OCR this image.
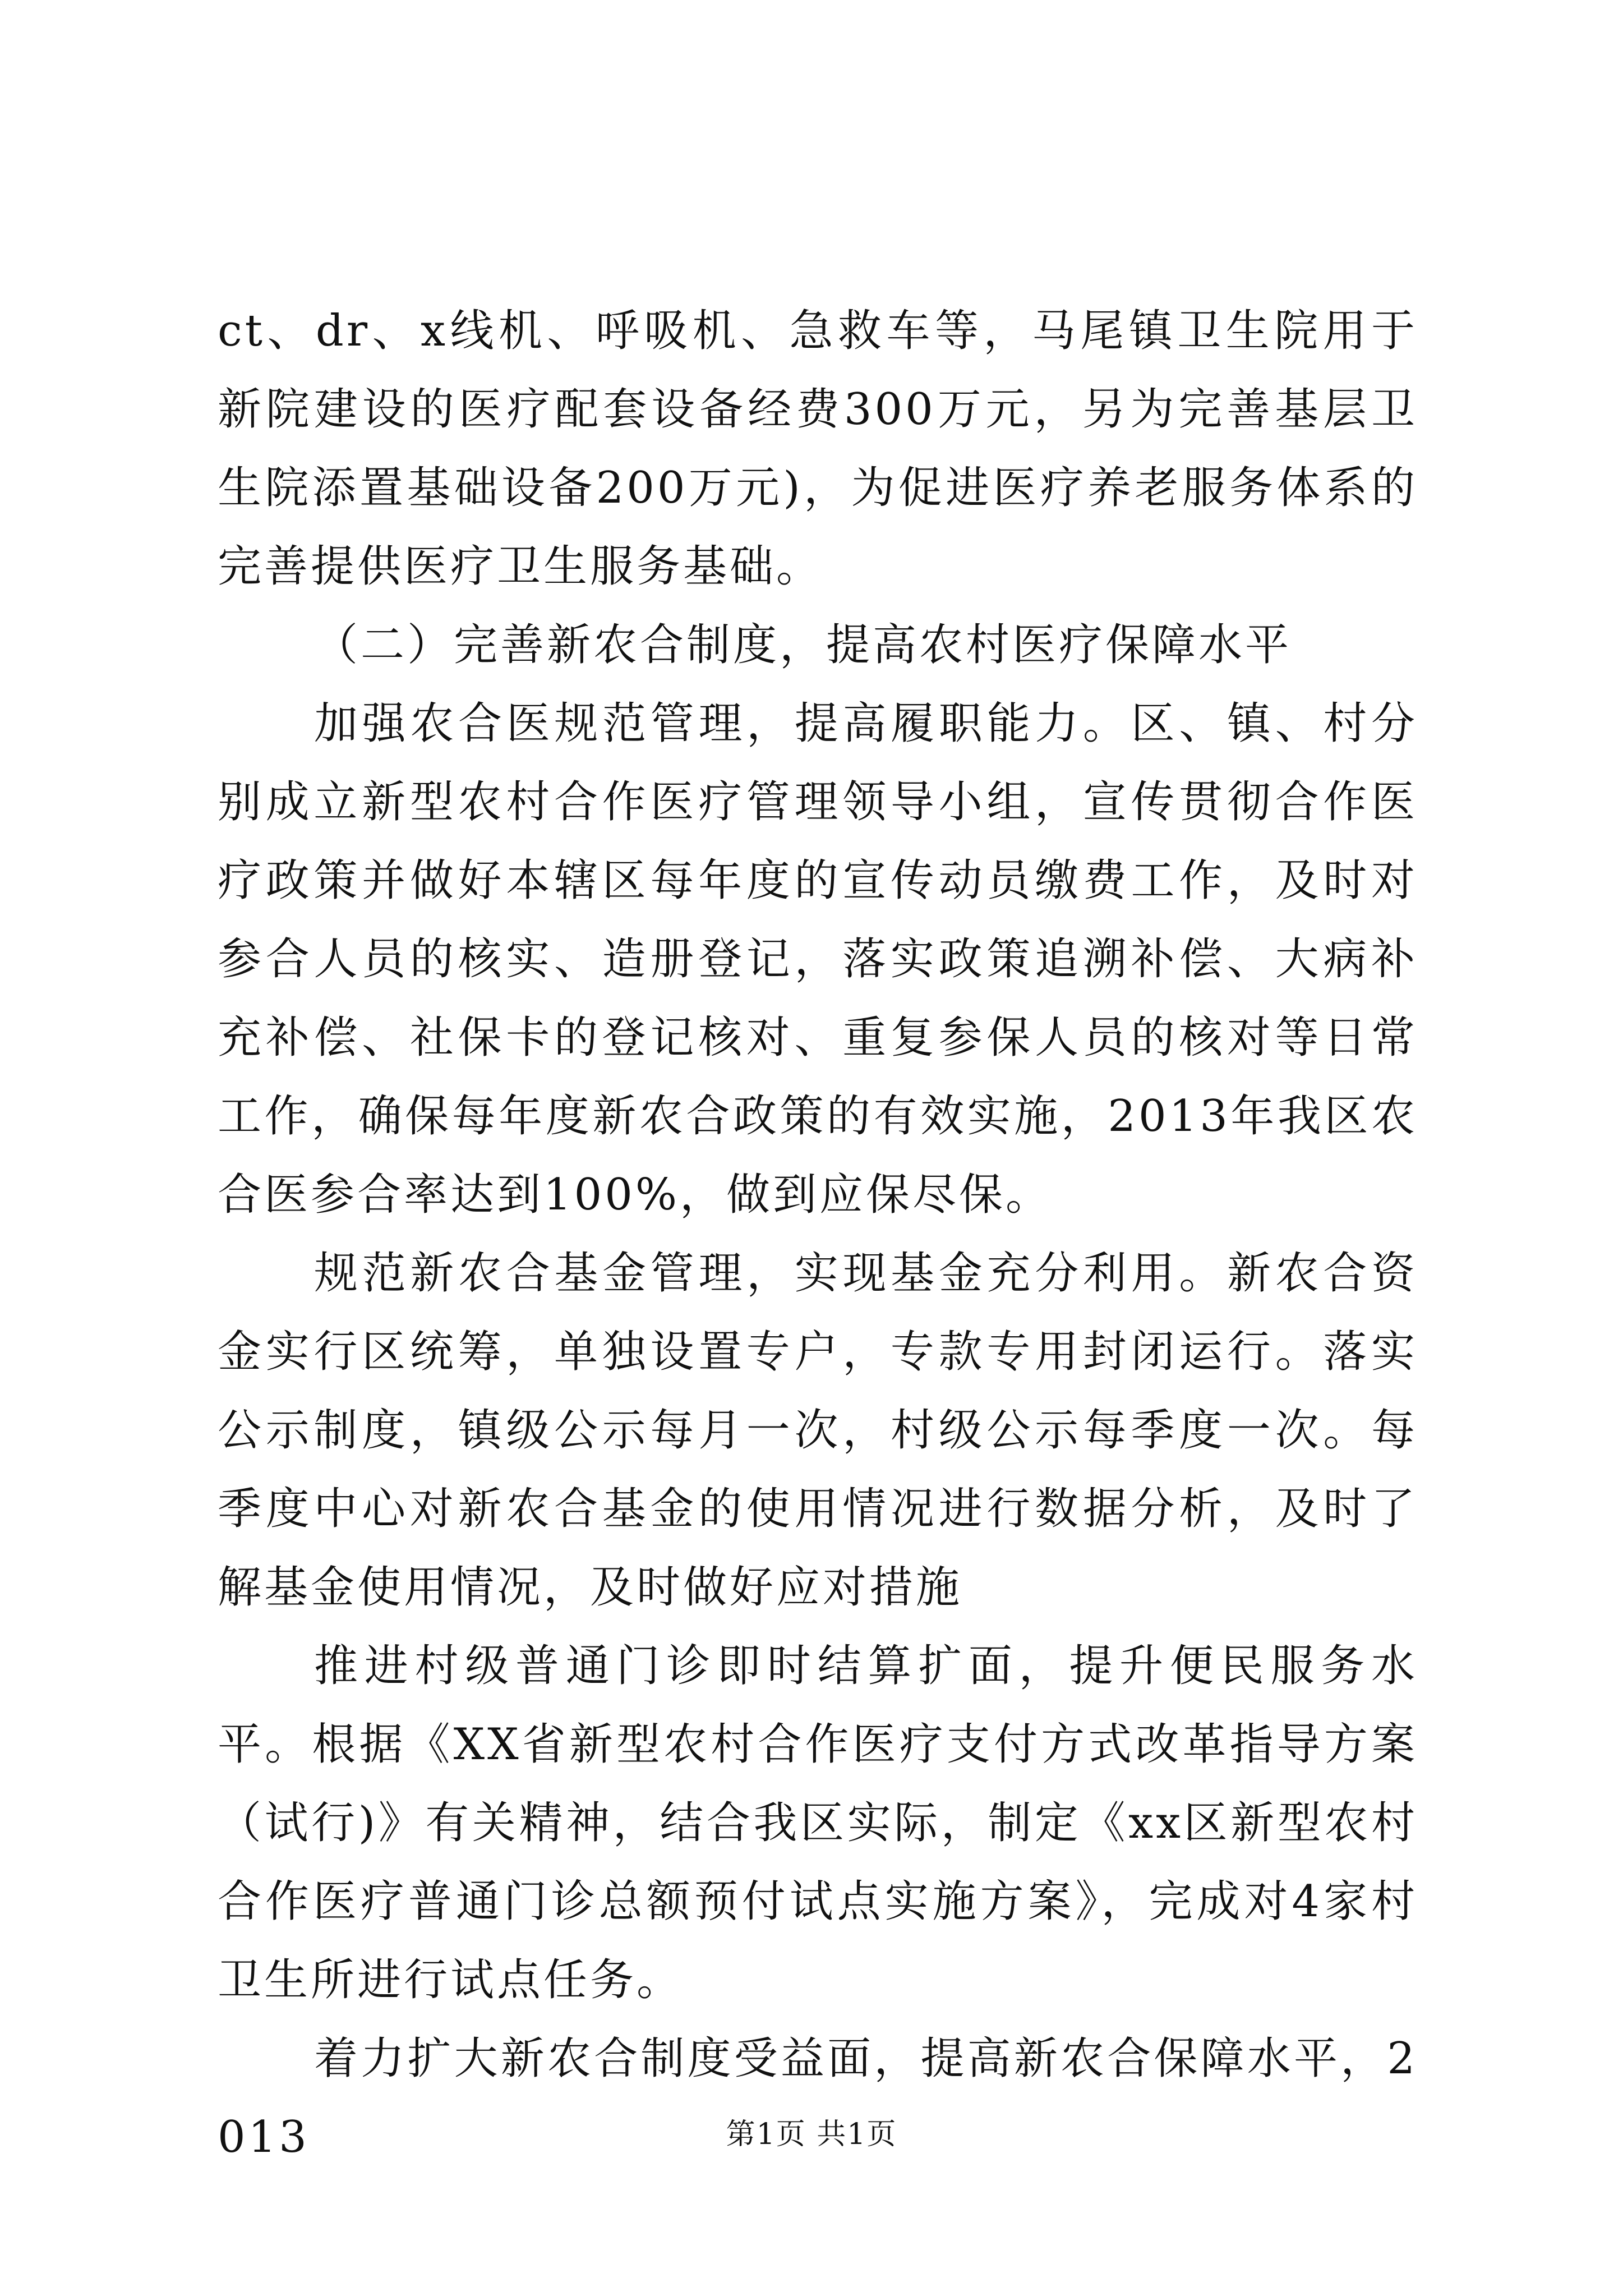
ct、dr、x线机、呼吸机、急救车等，马尾镇卫生院用于新院建设的医疗配套设备经费300万元，另为完善基层卫生院添置基础设备200万元)，为促进医疗养老服务体系的完善提供医疗卫生服务基础。

（二）完善新农合制度，提高农村医疗保障水平

加强农合医规范管理，提高履职能力。区、镇、村分别成立新型农村合作医疗管理领导小组，宣传贯彻合作医疗政策并做好本辖区每年度的宣传动员缴费工作，及时对参合人员的核实、造册登记，落实政策追溯补偿、大病补充补偿、社保卡的登记核对、重复参保人员的核对等日常工作，确保每年度新农合政策的有效实施，2013年我区农合医参合率达到100%，做到应保尽保。

规范新农合基金管理，实现基金充分利用。新农合资金实行区统筹，单独设置专户，专款专用封闭运行。落实公示制度，镇级公示每月一次，村级公示每季度一次。每季度中心对新农合基金的使用情况进行数据分析，及时了解基金使用情况，及时做好应对措施

推进村级普通门诊即时结算扩面，提升便民服务水平。根据《XX省新型农村合作医疗支付方式改革指导方案（试行)》有关精神，结合我区实际，制定《xx区新型农村合作医疗普通门诊总额预付试点实施方案》，完成对4家村卫生所进行试点任务。

着力扩大新农合制度受益面，提高新农合保障水平，2013	第1页 共1页
